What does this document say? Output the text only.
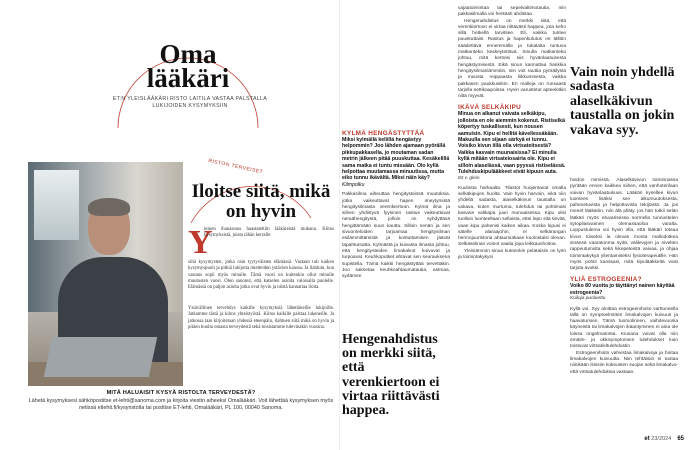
Oma lääkäri
ET:N YLEISLÄÄKÄRI RISTO LAITILA VASTAA PALSTALLA LUKIJOIDEN KYSYMYKSIIN
RISTON TERVEISET
Iloitse siitä, mikä on hyvin
Y
leinen ihanaisuus haastateltiin lääkäreistä mukana. Kiitos kysymyksistä, joista tähän kerralle
siitä kysymysten, jotka osin tyytyväisten elämässä. Vastaan tuli kaiken kysymyspuoli ja pitkiä lukijoita mietteiden ystävien kanssa. Ja ilahtuin, kun vastaus sopii myös minulle. Tämä vuosi on kuitenkin ollut minulle muutosten vuosi. Olen sanonut, että katselen asioita valoisalla puolelle. Elämässä on paljon asioita jotka ovat hyvin ja niistä kannattaa iloita.
Ystävällinen tervehdys kaikille kysymyksiä lähettäneille lukijoille. Jatkamme tästä ja kiitos yhteistyöstä. Kiitos kaikille palstaa lukeneille. Ja jatkossa taas kirjoitetaan yhdessä eteenpäin, ilahtuen siitä mikä on hyvin ja pitäen huolta omasta terveydestä sekä toisistamme tulevinakin vuosina.
MITÄ HALUAISIT KYSYÄ RISTOLTA TERVEYDESTÄ?
Lähetä kysymyksesi sähköpostitse et-lehti@sanoma.com ja kirjoita viestin aiheeksi Omalääkäri. Voit lähettää kysymyksen myös netissä etlehti.fi/kysyristolta tai postitse ET-lehti, Omalääkäri, PL 100, 00040 Sanoma.
KYLMÄ HENGÄSTYTTÄÄ
Miksi kylmällä keliillä hengästyy helpommin? Joo lähden ajamaan pyörällä pikkupakkasella, jo moutaman sadan metrin jälkeen pitää puuskuttaa. Kesäkelillä sama matka ei tuntu missään. Olo kyllä helpottaa muutamassa minuutissa, mutta eiko tunnu ikävältä. Miksi näin käy? Kilmpolku
Pakkasilma aiheuttaa hengitysteissä muutoksia, jotka vaikeuttavat hapen imeytymistä hengitysilmasta verenkiertoon. Kylmä ilma ja siihen yhdistyvä fyysinen rasitus vaikeuttavat neraähengitystä, jolloin on syhdyttävä hengittämään suun kautta. Silloin nenän ja sen sivuonteloiden tarjoamaa hengitysilman esilämmittämistä ja kostuttamisen jäävät tapahtumatta. Kylmästä ja kuivasta ilmasta johtuu, että hengitysteiden limakalvot kuivuvat ja turpoavat. Keuhkoputket ahtavat sen seurauksena supistella. Tämä kaikki hengästyttää tervettäkin. Joo saksetaa keuhkoahtaumatautia, astmaa, sydämen
Hengenahdistus on merkki siitä, että verenkiertoon ei virtaa riittävästi happea.
vajaatoimintaa tai sepelvaltimotautia, niin pakkasilmalla voi herkästi ahdistaa.
Hengenahdistus on merkki siitä, että verenkiertoon ei virtaa riittävästi happea, jota keho sillä hetkellä tarvitsee. Eli, vaikka tuntee puuskuttaisi. Rasitus ja hapenkulutus on tällöin säädettävä ennemmälle ja tukalalta tuntuva matkanteko keskeytettävä. Sinulla matkanteko johtuu, mitä kertoisi siis hyvänlaatuisesta hengästymisestä. Eikä sinun kannattaa hankkia hengitysilmanlämmitin, niin voit rauttia pyöräilystä ja muusta reippaasta liikkumisesta, vaikka pakkasen paukkuisikin. Eri malleja on runsaasti tarjolla nettikaupoissa. Hyvin varustetut apteekitkin niitä myyvät.
IKÄVÄ SELKÄKIPU
Minua on alkanut vaivata selkäkipu, jolloista en ole aiemmin kokenut. Ristiselkä köpertyy tuskallisesti, kun nousen aamuisin. Kipu ei hellitä kävellessäkään. Makuulla sen sijaan särkyä ei tunnu. Voisiko kivun iillä olla virtsateitsestä? Vaikka kasvain muunaisissa? Ei minulla kyllä mitään virtsateiosairia ole. Kipu ei silloin alaselässä, vaan pyyssä ristiselässä. Tulehduskipulääkkeet eivät kipuun auta.
83 v. glein
Kuulosta harkaalta. Tilastot huojentavat omalla selkäkipujen huolta. Vain hyvin harvoin, eikä niin yhdellä sadasta, alaselkäkivun taustalla on vakava, kuten murtuma, tulehdus tai pohtimasi kasvain valikapa juuri munuaisessa. Kipu olisi tuolloin luonteeltaan sellaista, ettei lepo sitä tievitä, vaan kipu pahenisi kaiken aikaa. Koska kipusi ei sätelle alaraajohin, ei selkärangan hermojuuristoria ahtaumiakaan kuolostaisi olevan. Selkäselinan voinot vaatia jopa leikkaushoitoa.
Yleisiämmin sinua kuteenkin pelataisiin on lyön ja toimintakykysi
Vain noin yhdellä sadasta alaselkäkivun taustalla on jokin vakava syy.
hoidon mimissä. Alaselkävivun toiminnassa pyritään ennen kaikkea siihen, että vanhoterilaan vaivan hyvänlaatuisuus. Lääkäri kysellee kivun luonteen lisäksi sen alkumuutoksesta, pahenetuvista ja helpottuvista tekijöistä. Ja jos menet lääkäriin, niin älä pliäty, jos hän tutkii selän lääkäri myös etuvarisessa sormella tunnustelen sytopilasvaimen olemassaoloa varalta. Loppustulema voi hyvin olla, että lääkäri toteaa kivun toiseksi la olevan monta mallodotkea sinänsä vaaratonma syitä, välilevyjen ja nivelten rappeutumista sekä liikepeteistä vaivaa, ja ohjaa toimintakykyä ylientamiseksi fysioterapeutille. Hän myös pohtii kanssasi, mitä kipulääkkeitä voisi tarjota avuksi.
YLIÄ ESTROGEENIA?
Voiko 80 vuotta jo täyttänyt nainen käyttää estrogeenia?
Kuiloja puoluettu
Kyllä voi. Syy aloittaa estrogeenihoito varttuneella iällä on symptoelmitten limakalvojen kuivuus ja haavatumien. Tämä tuomolinnen, vaihdevuosia käyneistä tai limakalvojen ikäantyminen ei aina ole loissa ongelmatonta. Kiusana voivat olla niin emätin- ja okkisymptomien tulehdukset kuin toistuvat virtsatieltulehdustin.
Estrogeenihoito vahvistaa limakalvoja ja hoitaa limakalvojen kuivuutta. Niin tehtäisiin ei tuotaa niinikään liinisiin kokeusten suojan sekä limakalvo- että virtsatulehduksia vastaan.
et 23/2024 65
